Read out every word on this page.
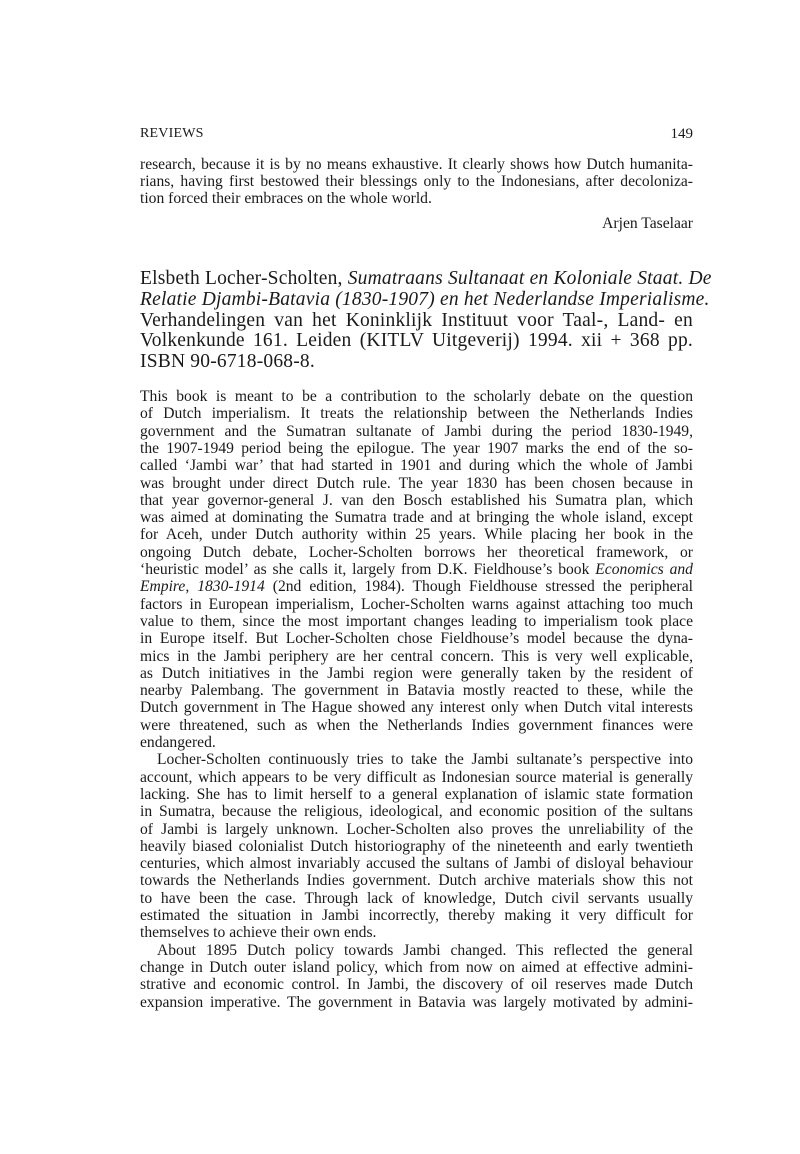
REVIEWS	149
research, because it is by no means exhaustive. It clearly shows how Dutch humanita-
rians, having first bestowed their blessings only to the Indonesians, after decoloniza-
tion forced their embraces on the whole world.
Arjen Taselaar
Elsbeth Locher-Scholten, Sumatraans Sultanaat en Koloniale Staat. De
Relatie Djambi-Batavia (1830-1907) en het Nederlandse Imperialisme.
Verhandelingen van het Koninklijk Instituut voor Taal-, Land- en
Volkenkunde 161. Leiden (KITLV Uitgeverij) 1994. xii + 368 pp.
ISBN 90-6718-068-8.
This book is meant to be a contribution to the scholarly debate on the question
of Dutch imperialism. It treats the relationship between the Netherlands Indies
government and the Sumatran sultanate of Jambi during the period 1830-1949,
the 1907-1949 period being the epilogue. The year 1907 marks the end of the so-
called ‘Jambi war’ that had started in 1901 and during which the whole of Jambi
was brought under direct Dutch rule. The year 1830 has been chosen because in
that year governor-general J. van den Bosch established his Sumatra plan, which
was aimed at dominating the Sumatra trade and at bringing the whole island, except
for Aceh, under Dutch authority within 25 years. While placing her book in the
ongoing Dutch debate, Locher-Scholten borrows her theoretical framework, or
‘heuristic model’ as she calls it, largely from D.K. Fieldhouse’s book Economics and
Empire, 1830-1914 (2nd edition, 1984). Though Fieldhouse stressed the peripheral
factors in European imperialism, Locher-Scholten warns against attaching too much
value to them, since the most important changes leading to imperialism took place
in Europe itself. But Locher-Scholten chose Fieldhouse’s model because the dyna-
mics in the Jambi periphery are her central concern. This is very well explicable,
as Dutch initiatives in the Jambi region were generally taken by the resident of
nearby Palembang. The government in Batavia mostly reacted to these, while the
Dutch government in The Hague showed any interest only when Dutch vital interests
were threatened, such as when the Netherlands Indies government finances were
endangered.
Locher-Scholten continuously tries to take the Jambi sultanate’s perspective into
account, which appears to be very difficult as Indonesian source material is generally
lacking. She has to limit herself to a general explanation of islamic state formation
in Sumatra, because the religious, ideological, and economic position of the sultans
of Jambi is largely unknown. Locher-Scholten also proves the unreliability of the
heavily biased colonialist Dutch historiography of the nineteenth and early twentieth
centuries, which almost invariably accused the sultans of Jambi of disloyal behaviour
towards the Netherlands Indies government. Dutch archive materials show this not
to have been the case. Through lack of knowledge, Dutch civil servants usually
estimated the situation in Jambi incorrectly, thereby making it very difficult for
themselves to achieve their own ends.
About 1895 Dutch policy towards Jambi changed. This reflected the general
change in Dutch outer island policy, which from now on aimed at effective admini-
strative and economic control. In Jambi, the discovery of oil reserves made Dutch
expansion imperative. The government in Batavia was largely motivated by admini-
